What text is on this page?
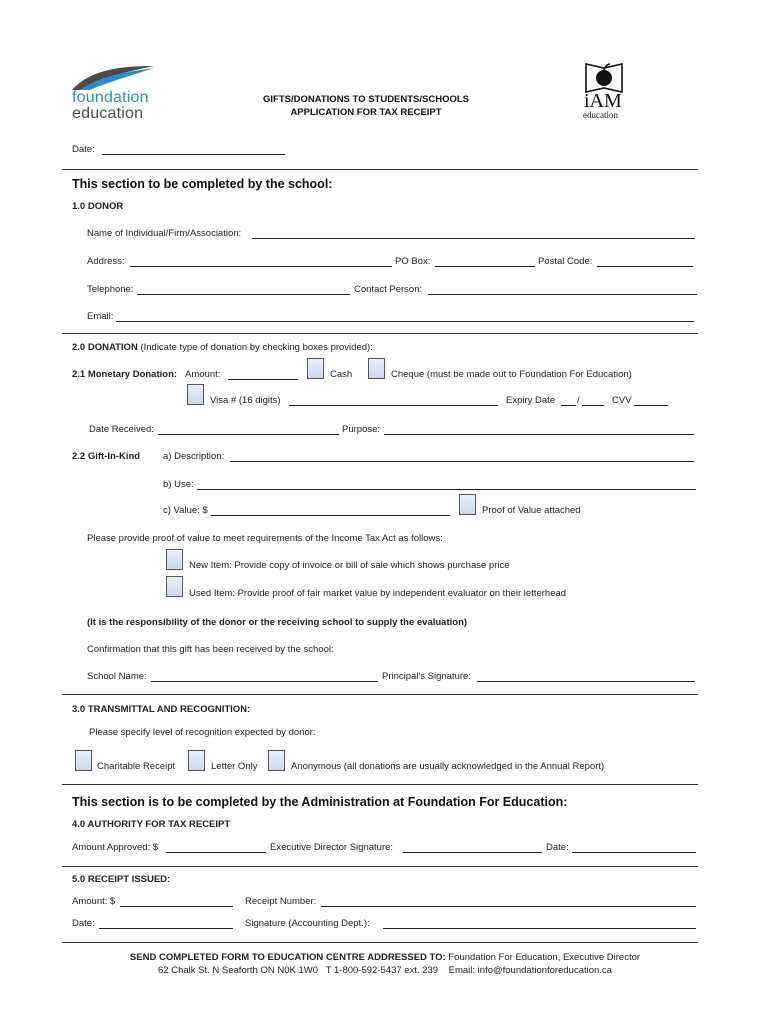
foundation
education
GIFTS/DONATIONS TO STUDENTS/SCHOOLS
APPLICATION FOR TAX RECEIPT
iAM
education
Date:
This section to be completed by the school:
1.0 DONOR
Name of Individual/Firm/Association:
Address:	PO Box:	Postal Code:
Telephone:	Contact Person:
Email:
2.0 DONATION (Indicate type of donation by checking boxes provided):
2.1 Monetary Donation: Amount:	Cash	Cheque (must be made out to Foundation For Education)
Visa # (16 digits)	Expiry Date /	CVV
Date Received:	Purpose:
2.2 Gift-In-Kind a) Description:
b) Use:
c) Value: $	Proof of Value attached
Please provide proof of value to meet requirements of the Income Tax Act as follows:
New Item: Provide copy of invoice or bill of sale which shows purchase price
Used Item: Provide proof of fair market value by independent evaluator on their letterhead
(It is the responsibility of the donor or the receiving school to supply the evaluation)
Confirmation that this gift has been received by the school:
School Name:	Principal's Signature:
3.0 TRANSMITTAL AND RECOGNITION:
Please specify level of recognition expected by donor:
Charitable Receipt	Letter Only	Anonymous (all donations are usually acknowledged in the Annual Report)
This section is to be completed by the Administration at Foundation For Education:
4.0 AUTHORITY FOR TAX RECEIPT
Amount Approved: $	Executive Director Signature:	Date:
5.0 RECEIPT ISSUED:
Amount: $	Receipt Number:
Date:	Signature (Accounting Dept.):
SEND COMPLETED FORM TO EDUCATION CENTRE ADDRESSED TO: Foundation For Education, Executive Director
62 Chalk St. N Seaforth ON N0K 1W0 T 1-800-592-5437 ext. 239 Email: info@foundationforeducation.ca
